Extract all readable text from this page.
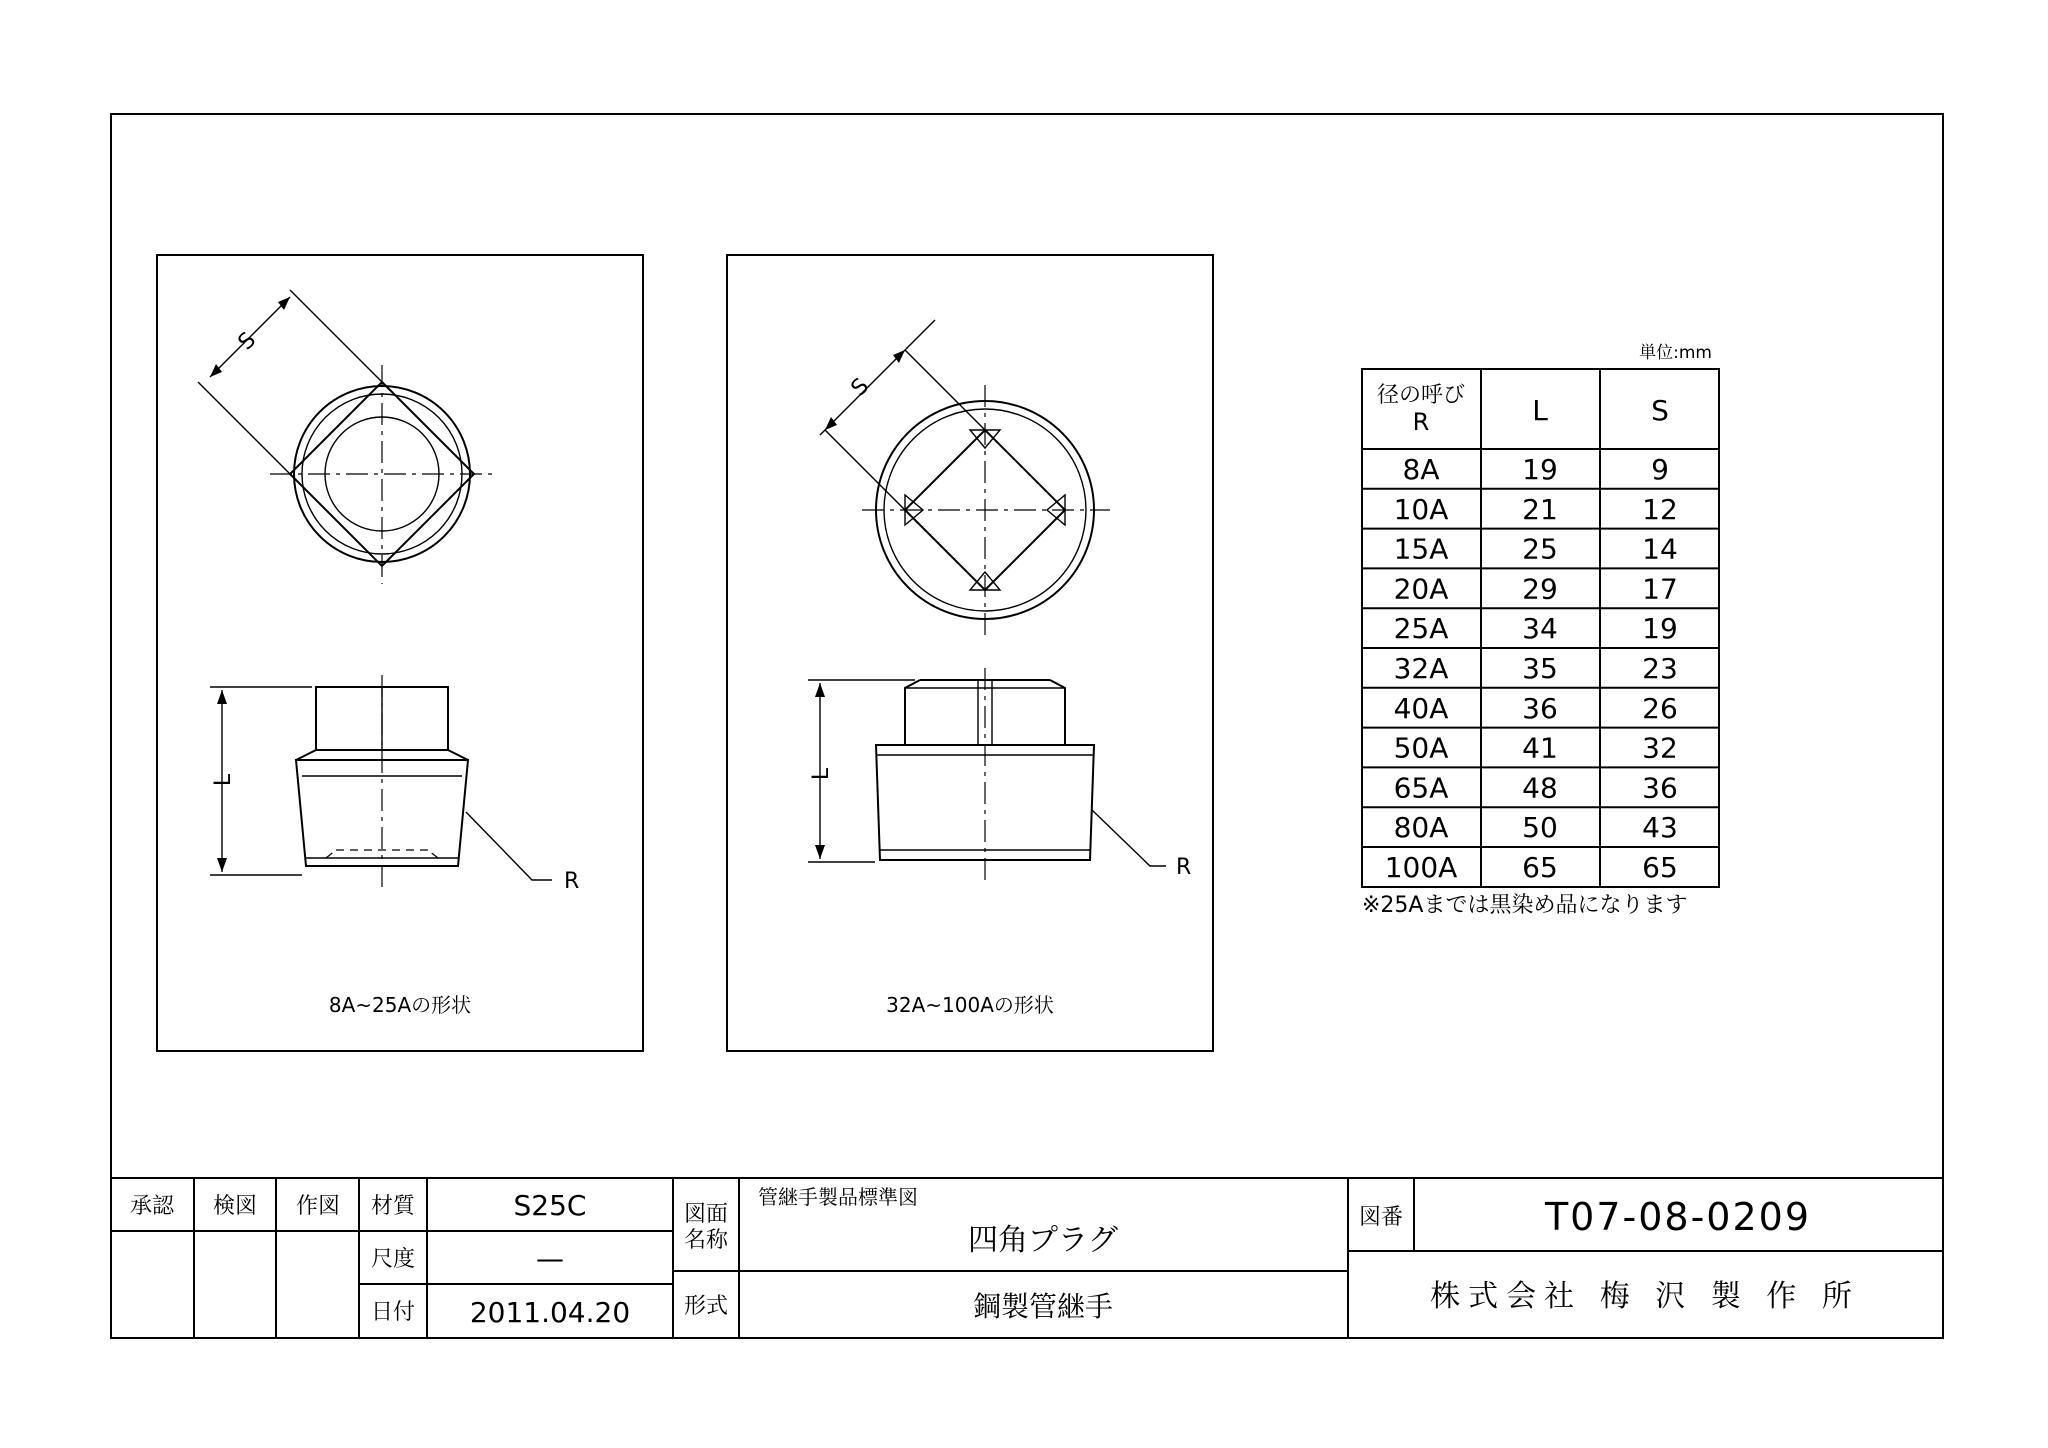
S
L
R
8A~25Aの形状
S
L
R
32A~100Aの形状
単位:mm
径の呼び
R	L	S
8A	19	9
10A	21	12
15A	25	14
20A	29	17
25A	34	19
32A	35	23
40A	36	26
50A	41	32
65A	48	36
80A	50	43
100A 65	65
※25Aまでは黒染め品になります
承認 検図 作図 材質	S25C
尺度	—
日付 2011.04.20
図面
名称
管継手製品標準図
四角プラグ
形式	鋼製管継手
図番	T07-08-0209
株式会社 梅 沢 製 作 所
